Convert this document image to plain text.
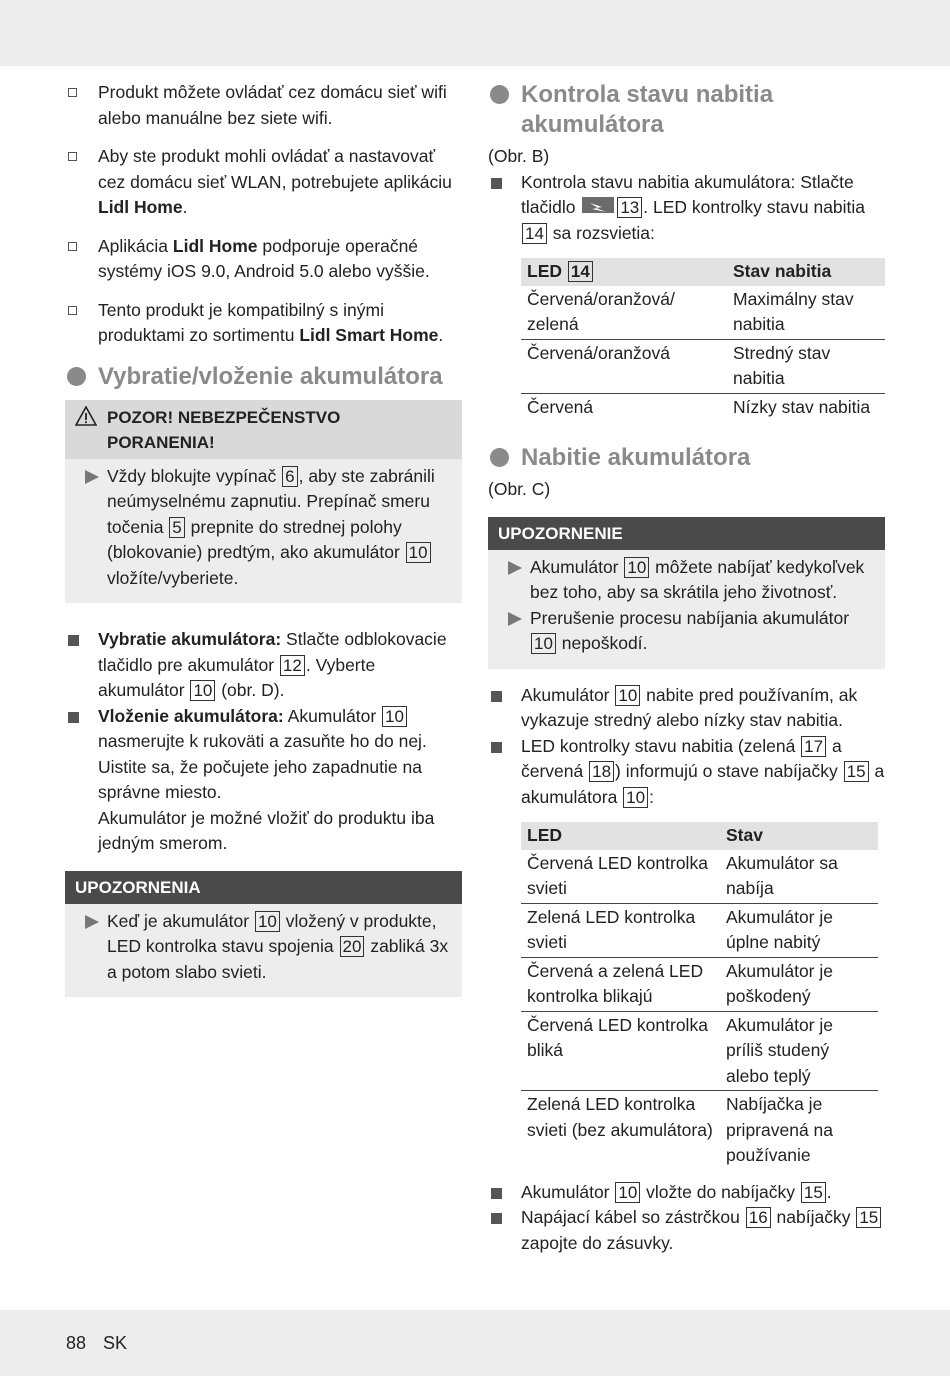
Produkt môžete ovládať cez domácu sieť wifi alebo manuálne bez siete wifi.
Aby ste produkt mohli ovládať a nastavovať cez domácu sieť WLAN, potrebujete aplikáciu Lidl Home.
Aplikácia Lidl Home podporuje operačné systémy iOS 9.0, Android 5.0 alebo vyššie.
Tento produkt je kompatibilný s inými produktami zo sortimentu Lidl Smart Home.
Vybratie/vloženie akumulátora
POZOR! NEBEZPEČENSTVO PORANENIA!
Vždy blokujte vypínač 6 , aby ste zabránili neúmyselnému zapnutiu. Prepínač smeru točenia 5 prepnite do strednej polohy (blokovanie) predtým, ako akumulátor 10 vložíte/vyberiete.
Vybratie akumulátora: Stlačte odblokovacie tlačidlo pre akumulátor 12 . Vyberte akumulátor 10 (obr. D).
Vloženie akumulátora: Akumulátor 10 nasmerujte k rukoväti a zasuňte ho do nej. Uistite sa, že počujete jeho zapadnutie na správne miesto.
Akumulátor je možné vložiť do produktu iba jedným smerom.
UPOZORNENIA
Keď je akumulátor 10 vložený v produkte, LED kontrolka stavu spojenia 20 zabliká 3x a potom slabo svieti.
Kontrola stavu nabitia akumulátora
(Obr. B)
Kontrola stavu nabitia akumulátora: Stlačte tlačidlo 13 . LED kontrolky stavu nabitia 14 sa rozsvietia:
LED 14	Stav nabitia
Červená/oranžová/ zelená	Maximálny stav nabitia
Červená/oranžová	Stredný stav nabitia
Červená	Nízky stav nabitia
Nabitie akumulátora
(Obr. C)
UPOZORNENIE
Akumulátor 10 môžete nabíjať kedykoľvek bez toho, aby sa skrátila jeho životnosť.
Prerušenie procesu nabíjania akumulátor 10 nepoškodí.
Akumulátor 10 nabite pred používaním, ak vykazuje stredný alebo nízky stav nabitia.
LED kontrolky stavu nabitia (zelená 17 a červená 18 ) informujú o stave nabíjačky 15 a akumulátora 10 :
LED	Stav
Červená LED kontrolka svieti	Akumulátor sa nabíja
Zelená LED kontrolka svieti	Akumulátor je úplne nabitý
Červená a zelená LED kontrolka blikajú	Akumulátor je poškodený
Červená LED kontrolka bliká	Akumulátor je príliš studený alebo teplý
Zelená LED kontrolka svieti (bez akumulátora)	Nabíjačka je pripravená na používanie
Akumulátor 10 vložte do nabíjačky 15 .
Napájací kábel so zástrčkou 16 nabíjačky 15 zapojte do zásuvky.
88 SK
